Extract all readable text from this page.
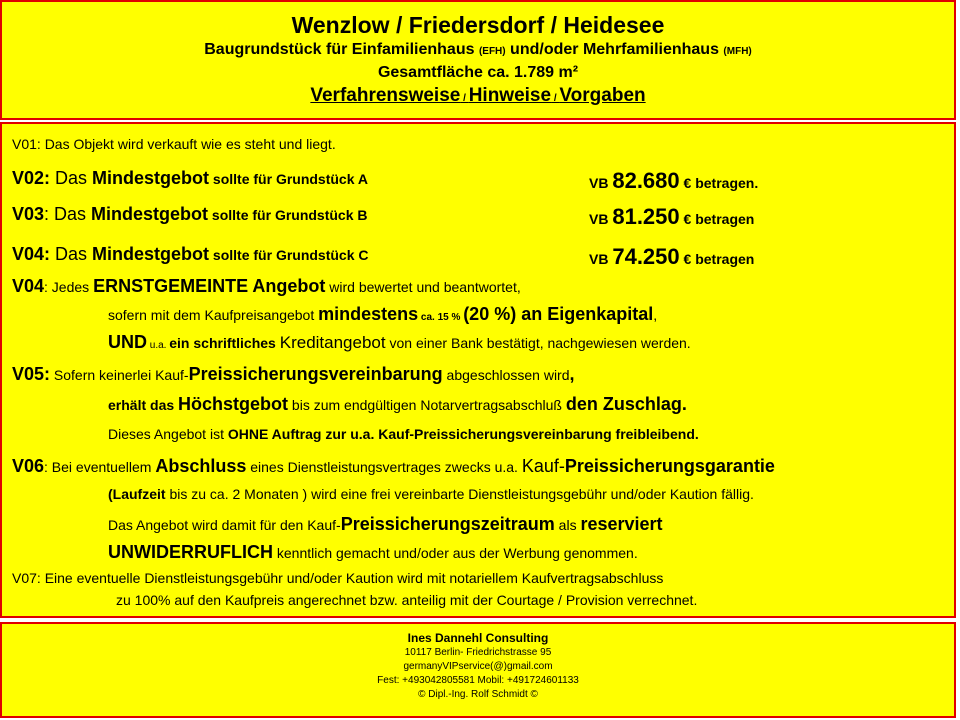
Wenzlow / Friedersdorf / Heidesee
Baugrundstück für Einfamilienhaus (EFH) und/oder Mehrfamilienhaus (MFH)
Gesamtfläche ca. 1.789 m²
Verfahrensweise / Hinweise / Vorgaben
V01: Das Objekt wird verkauft wie es steht und liegt.
V02: Das Mindestgebot sollte für Grundstück A	VB 82.680 € betragen.
V03: Das Mindestgebot sollte für Grundstück B	VB 81.250 € betragen
V04: Das Mindestgebot sollte für Grundstück C	VB 74.250 € betragen
V04: Jedes ERNSTGEMEINTE Angebot wird bewertet und beantwortet,
sofern mit dem Kaufpreisangebot mindestens ca. 15 % (20 %) an Eigenkapital,
UND u.a. ein schriftliches Kreditangebot von einer Bank bestätigt, nachgewiesen werden.
V05: Sofern keinerlei Kauf-Preissicherungsvereinbarung abgeschlossen wird,
erhält das Höchstgebot bis zum endgültigen Notarvertragsabschluß den Zuschlag.
Dieses Angebot ist OHNE Auftrag zur u.a. Kauf-Preissicherungsvereinbarung freibleibend.
V06: Bei eventuellem Abschluss eines Dienstleistungsvertrages zwecks u.a. Kauf-Preissicherungsgarantie
(Laufzeit bis zu ca. 2 Monaten ) wird eine frei vereinbarte Dienstleistungsgebühr und/oder Kaution fällig.
Das Angebot wird damit für den Kauf-Preissicherungszeitraum als reserviert
UNWIDERRUFLICH kenntlich gemacht und/oder aus der Werbung genommen.
V07: Eine eventuelle Dienstleistungsgebühr und/oder Kaution wird mit notariellem Kaufvertragsabschluss
zu 100% auf den Kaufpreis angerechnet bzw. anteilig mit der Courtage / Provision verrechnet.
Ines Dannehl Consulting
10117 Berlin- Friedrichstrasse 95
germanyVIPservice(@)gmail.com
Fest: +493042805581 Mobil: +491724601133
© Dipl.-Ing. Rolf Schmidt ©
